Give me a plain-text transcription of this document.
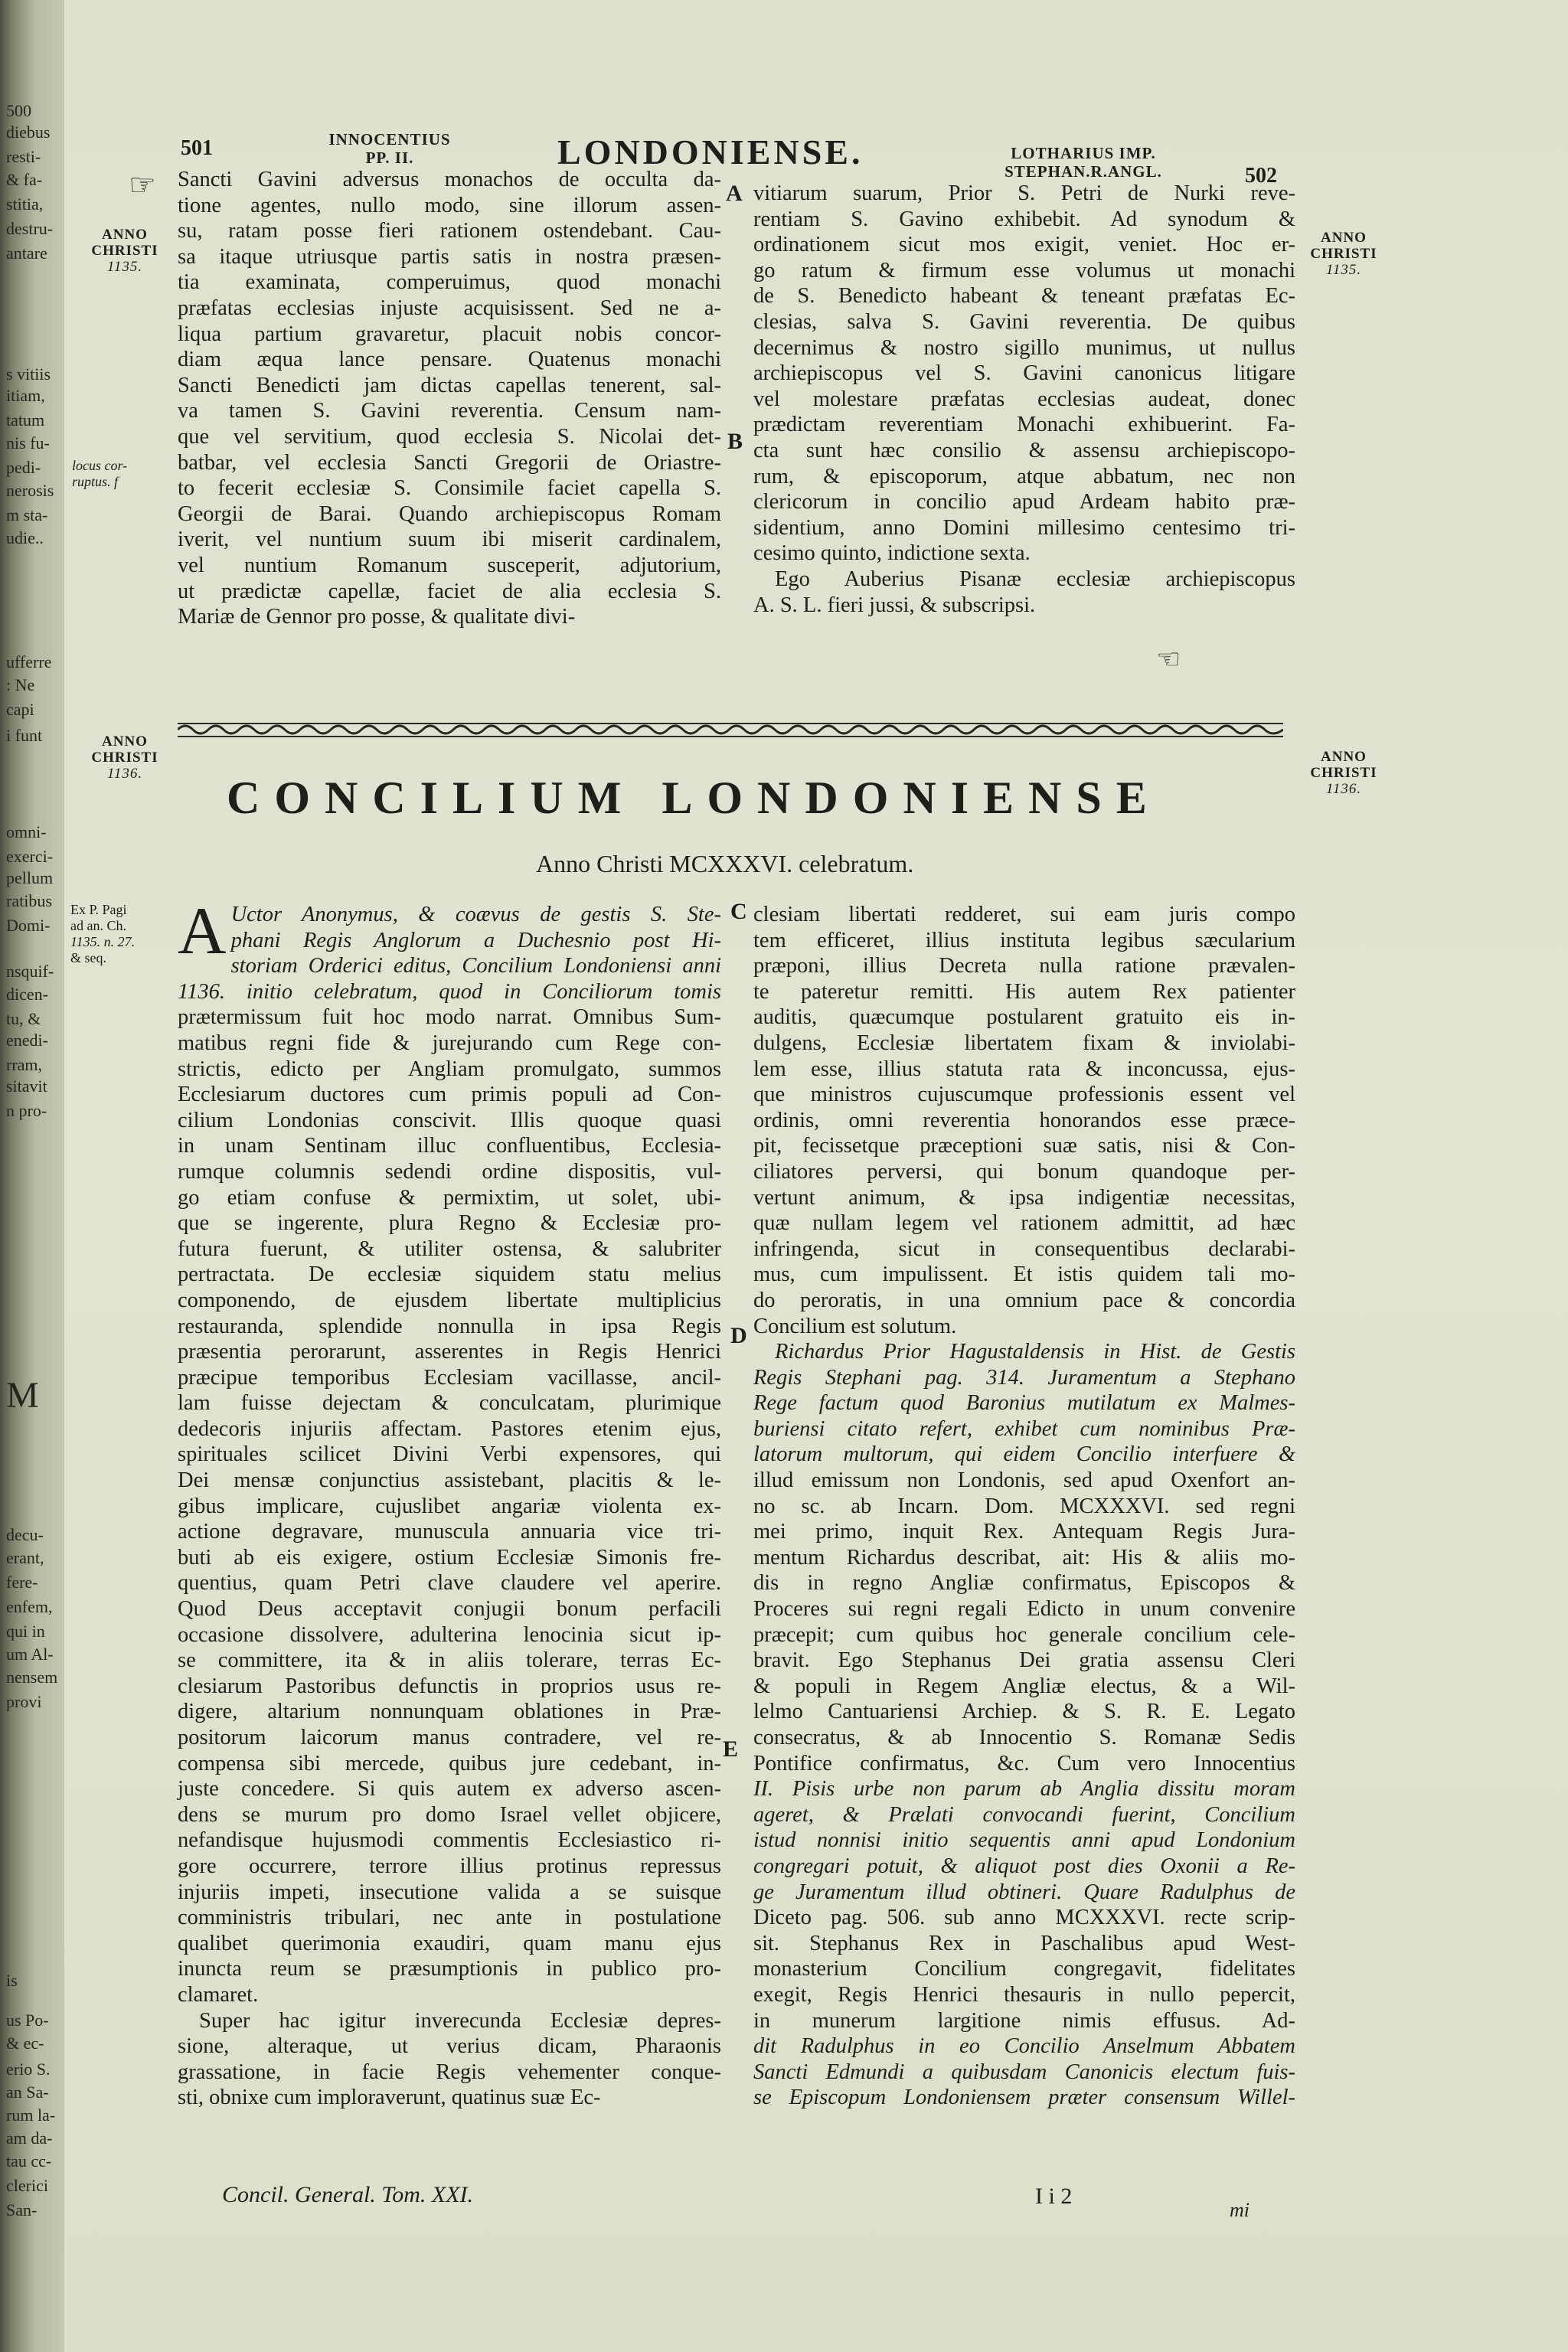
500
diebus
resti-
& fa-
stitia,
destru-
antare
s vitiis
itiam,
tatum
nis fu-
pedi-
nerosis
m sta-
udie..
ufferre
: Ne
capi
i funt
omni-
exerci-
pellum
ratibus
Domi-
nsquif-
dicen-
tu, &
enedi-
rram,
sitavit
n pro-
M
decu-
erant,
fere-
enfem,
qui in
um Al-
nensem
provi
is
us Po-
& ec-
erio S.
an Sa-
rum la-
am da-
tau cc-
clerici
San-
501	INNOCENTIUS
PP. II.	LONDONIENSE.	LOTHARIUS IMP.
STEPHAN.R.ANGL.	502
☞
ANNO
CHRISTI
1135.
ANNO
CHRISTI
1135.
locus cor-
ruptus. f
A
B
Sancti Gavini adversus monachos de occulta da-
tione agentes, nullo modo, sine illorum assen-
su, ratam posse fieri rationem ostendebant. Cau-
sa itaque utriusque partis satis in nostra præsen-
tia examinata, comperuimus, quod monachi
præfatas ecclesias injuste acquisissent. Sed ne a-
liqua partium gravaretur, placuit nobis concor-
diam æqua lance pensare. Quatenus monachi
Sancti Benedicti jam dictas capellas tenerent, sal-
va tamen S. Gavini reverentia. Censum nam-
que vel servitium, quod ecclesia S. Nicolai det-
batbar, vel ecclesia Sancti Gregorii de Oriastre-
to fecerit ecclesiæ S. Consimile faciet capella S.
Georgii de Barai. Quando archiepiscopus Romam
iverit, vel nuntium suum ibi miserit cardinalem,
vel nuntium Romanum susceperit, adjutorium,
ut prædictæ capellæ, faciet de alia ecclesia S.
Mariæ de Gennor pro posse, & qualitate divi-
vitiarum suarum, Prior S. Petri de Nurki reve-
rentiam S. Gavino exhibebit. Ad synodum &
ordinationem sicut mos exigit, veniet. Hoc er-
go ratum & firmum esse volumus ut monachi
de S. Benedicto habeant & teneant præfatas Ec-
clesias, salva S. Gavini reverentia. De quibus
decernimus & nostro sigillo munimus, ut nullus
archiepiscopus vel S. Gavini canonicus litigare
vel molestare præfatas ecclesias audeat, donec
prædictam reverentiam Monachi exhibuerint. Fa-
cta sunt hæc consilio & assensu archiepiscopo-
rum, & episcoporum, atque abbatum, nec non
clericorum in concilio apud Ardeam habito præ-
sidentium, anno Domini millesimo centesimo tri-
cesimo quinto, indictione sexta.
Ego Auberius Pisanæ ecclesiæ archiepiscopus
A. S. L. fieri jussi, & subscripsi.
☜
ANNO
CHRISTI
1136.
ANNO
CHRISTI
1136.
CONCILIUM LONDONIENSE
Anno Christi MCXXXVI. celebratum.
Ex P. Pagi
ad an. Ch.
1135. n. 27.
& seq.
C
D
E
A Uctor Anonymus, & coævus de gestis S. Ste-
phani Regis Anglorum a Duchesnio post Hi-
storiam Orderici editus, Concilium Londoniensi anni
1136. initio celebratum, quod in Conciliorum tomis
prætermissum fuit hoc modo narrat. Omnibus Sum-
matibus regni fide & jurejurando cum Rege con-
strictis, edicto per Angliam promulgato, summos
Ecclesiarum ductores cum primis populi ad Con-
cilium Londonias conscivit. Illis quoque quasi
in unam Sentinam illuc confluentibus, Ecclesia-
rumque columnis sedendi ordine dispositis, vul-
go etiam confuse & permixtim, ut solet, ubi-
que se ingerente, plura Regno & Ecclesiæ pro-
futura fuerunt, & utiliter ostensa, & salubriter
pertractata. De ecclesiæ siquidem statu melius
componendo, de ejusdem libertate multiplicius
restauranda, splendide nonnulla in ipsa Regis
præsentia perorarunt, asserentes in Regis Henrici
præcipue temporibus Ecclesiam vacillasse, ancil-
lam fuisse dejectam & conculcatam, plurimique
dedecoris injuriis affectam. Pastores etenim ejus,
spirituales scilicet Divini Verbi expensores, qui
Dei mensæ conjunctius assistebant, placitis & le-
gibus implicare, cujuslibet angariæ violenta ex-
actione degravare, munuscula annuaria vice tri-
buti ab eis exigere, ostium Ecclesiæ Simonis fre-
quentius, quam Petri clave claudere vel aperire.
Quod Deus acceptavit conjugii bonum perfacili
occasione dissolvere, adulterina lenocinia sicut ip-
se committere, ita & in aliis tolerare, terras Ec-
clesiarum Pastoribus defunctis in proprios usus re-
digere, altarium nonnunquam oblationes in Præ-
positorum laicorum manus contradere, vel re-
compensa sibi mercede, quibus jure cedebant, in-
juste concedere. Si quis autem ex adverso ascen-
dens se murum pro domo Israel vellet objicere,
nefandisque hujusmodi commentis Ecclesiastico ri-
gore occurrere, terrore illius protinus repressus
injuriis impeti, insecutione valida a se suisque
comministris tribulari, nec ante in postulatione
qualibet querimonia exaudiri, quam manu ejus
inuncta reum se præsumptionis in publico pro-
clamaret.
Super hac igitur inverecunda Ecclesiæ depres-
sione, alteraque, ut verius dicam, Pharaonis
grassatione, in facie Regis vehementer conque-
sti, obnixe cum imploraverunt, quatinus suæ Ec-
clesiam libertati redderet, sui eam juris compo
tem efficeret, illius instituta legibus sæcularium
præponi, illius Decreta nulla ratione prævalen-
te pateretur remitti. His autem Rex patienter
auditis, quæcumque postularent gratuito eis in-
dulgens, Ecclesiæ libertatem fixam & inviolabi-
lem esse, illius statuta rata & inconcussa, ejus-
que ministros cujuscumque professionis essent vel
ordinis, omni reverentia honorandos esse præce-
pit, fecissetque præceptioni suæ satis, nisi & Con-
ciliatores perversi, qui bonum quandoque per-
vertunt animum, & ipsa indigentiæ necessitas,
quæ nullam legem vel rationem admittit, ad hæc
infringenda, sicut in consequentibus declarabi-
mus, cum impulissent. Et istis quidem tali mo-
do peroratis, in una omnium pace & concordia
Concilium est solutum.
Richardus Prior Hagustaldensis in Hist. de Gestis
Regis Stephani pag. 314. Juramentum a Stephano
Rege factum quod Baronius mutilatum ex Malmes-
buriensi citato refert, exhibet cum nominibus Præ-
latorum multorum, qui eidem Concilio interfuere &
illud emissum non Londonis, sed apud Oxenfort an-
no sc. ab Incarn. Dom. MCXXXVI. sed regni
mei primo, inquit Rex. Antequam Regis Jura-
mentum Richardus describat, ait: His & aliis mo-
dis in regno Angliæ confirmatus, Episcopos &
Proceres sui regni regali Edicto in unum convenire
præcepit; cum quibus hoc generale concilium cele-
bravit. Ego Stephanus Dei gratia assensu Cleri
& populi in Regem Angliæ electus, & a Wil-
lelmo Cantuariensi Archiep. & S. R. E. Legato
consecratus, & ab Innocentio S. Romanæ Sedis
Pontifice confirmatus, &c. Cum vero Innocentius
II. Pisis urbe non parum ab Anglia dissitu moram
ageret, & Prælati convocandi fuerint, Concilium
istud nonnisi initio sequentis anni apud Londonium
congregari potuit, & aliquot post dies Oxonii a Re-
ge Juramentum illud obtineri. Quare Radulphus de
Diceto pag. 506. sub anno MCXXXVI. recte scrip-
sit. Stephanus Rex in Paschalibus apud West-
monasterium Concilium congregavit, fidelitates
exegit, Regis Henrici thesauris in nullo pepercit,
in munerum largitione nimis effusus. Ad-
dit Radulphus in eo Concilio Anselmum Abbatem
Sancti Edmundi a quibusdam Canonicis electum fuis-
se Episcopum Londoniensem præter consensum Willel-
Concil. General. Tom. XXI.	I i 2
mi
